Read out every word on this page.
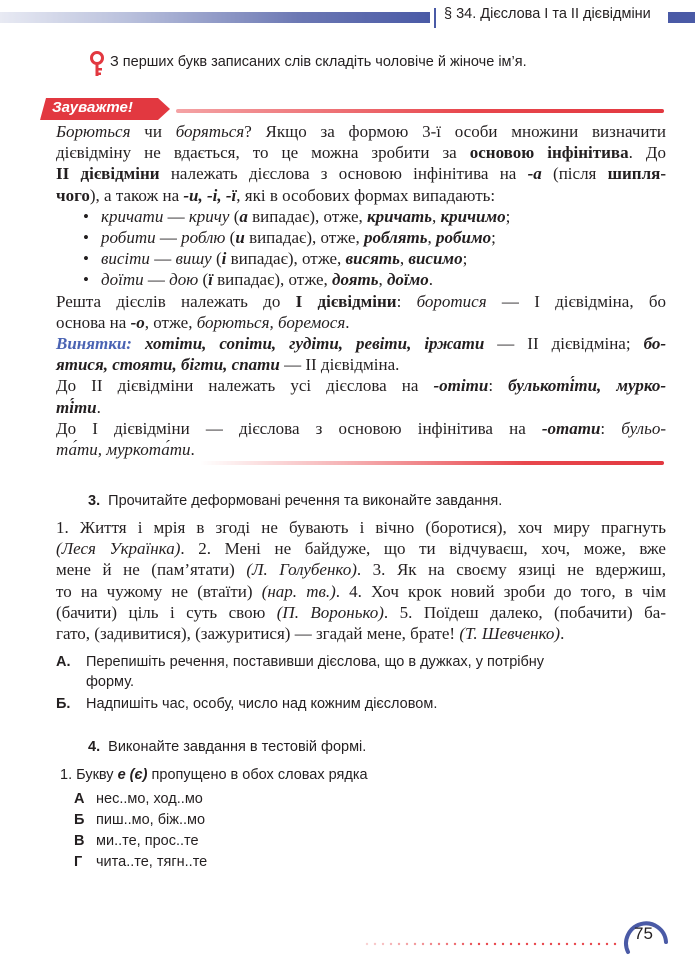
§ 34. Дієслова І та ІІ дієвідміни
З перших букв записаних слів складіть чоловіче й жіноче ім’я.
Зауважте!

Борються чи боряться? Якщо за формою 3-ї особи множини визначити

дієвідміну не вдається, то це можна зробити за основою інфінітива. До

ІІ дієвідміни належать дієслова з основою інфінітива на -а (після шипля-

чого), а також на -и, -і, -ї, які в особових формах випадають:

• кричати — кричу (а випадає), отже, кричать, кричимо;

• робити — роблю (и випадає), отже, роблять, робимо;

• висіти — вишу (і випадає), отже, висять, висимо;

• доїти — дою (ї випадає), отже, доять, доїмо.

Решта дієслів належать до І дієвідміни: боротися — І дієвідміна, бо

основа на -о, отже, борються, боремося.

Винятки: хотіти, сопіти, гудіти, ревіти, іржати — ІІ дієвідміна; бо-

ятися, стояти, бігти, спати — ІІ дієвідміна.

До ІІ дієвідміни належать усі дієслова на -отіти: булькоті́ти, мурко-

ті́ти.

До І дієвідміни — дієслова з основою інфінітива на -отати: бульо-

та́ти, муркота́ти.

3. Прочитайте деформовані речення та виконайте завдання.

1. Життя і мрія в згоді не бувають і вічно (боротися), хоч миру прагнуть

(Леся Українка). 2. Мені не байдуже, що ти відчуваєш, хоч, може, вже

мене й не (пам’ятати) (Л. Голубенко). 3. Як на своєму язиці не вдержиш,

то на чужому не (втаїти) (нар. тв.). 4. Хоч крок новий зроби до того, в чім

(бачити) ціль і суть свою (П. Воронько). 5. Поїдеш далеко, (побачити) ба-

гато, (задивитися), (зажуритися) — згадай мене, брате! (Т. Шевченко).

А. Перепишіть речення, поставивши дієслова, що в дужках, у потрібну
форму.
Б. Надпишіть час, особу, число над кожним дієсловом.
4. Виконайте завдання в тестовій формі.
1. Букву е (є) пропущено в обох словах рядка
А нес..мо, ход..мо
Б пиш..мо, біж..мо
В ми..те, прос..те
Г чита..те, тягн..те
75
